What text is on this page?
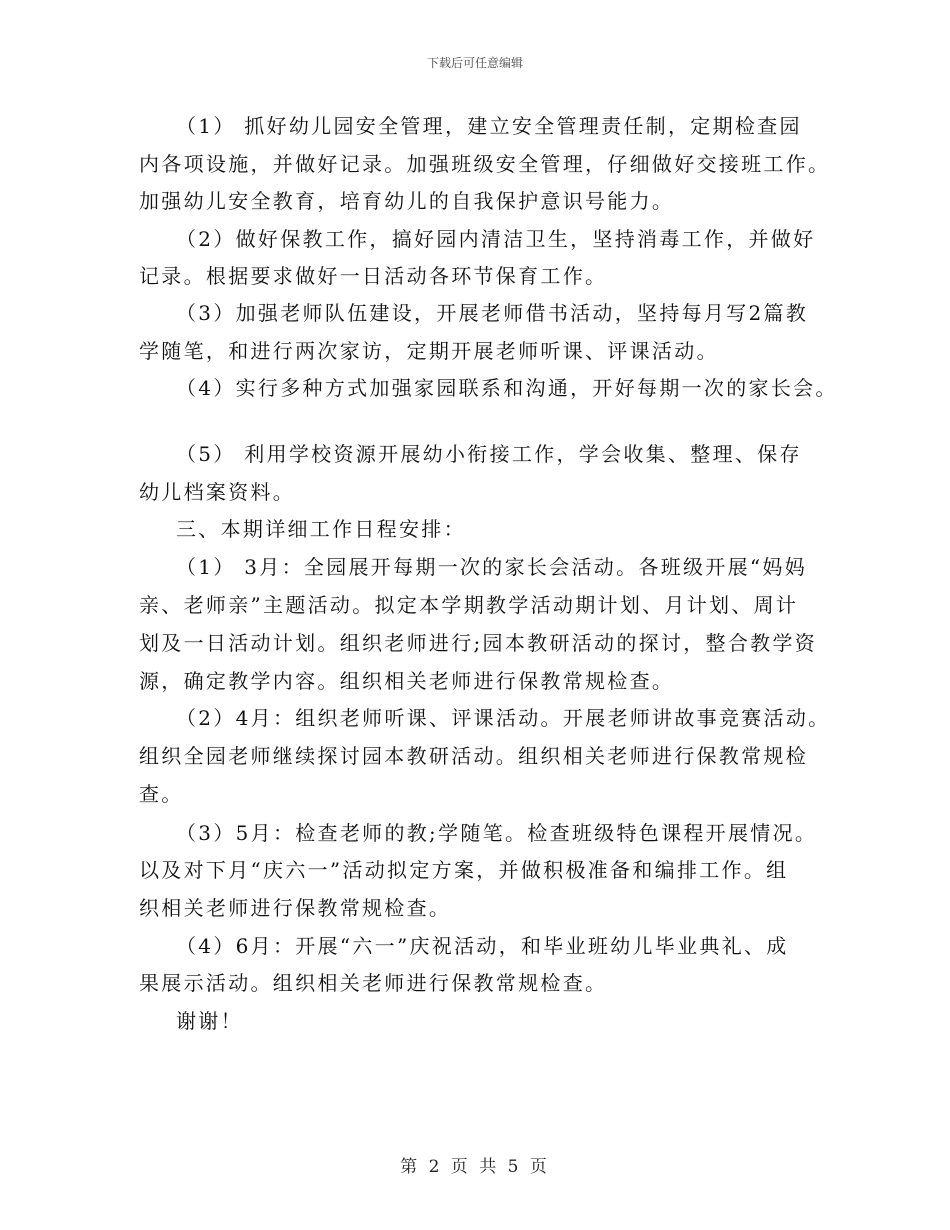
下载后可任意编辑
（1） 抓好幼儿园安全管理，建立安全管理责任制，定期检查园
内各项设施，并做好记录。加强班级安全管理，仔细做好交接班工作。
加强幼儿安全教育，培育幼儿的自我保护意识号能力。
（2）做好保教工作，搞好园内清洁卫生，坚持消毒工作，并做好
记录。根据要求做好一日活动各环节保育工作。
（3）加强老师队伍建设，开展老师借书活动，坚持每月写2篇教
学随笔，和进行两次家访，定期开展老师听课、评课活动。
（4）实行多种方式加强家园联系和沟通，开好每期一次的家长会。
（5） 利用学校资源开展幼小衔接工作，学会收集、整理、保存
幼儿档案资料。
三、本期详细工作日程安排：
（1） 3月：全园展开每期一次的家长会活动。各班级开展“妈妈
亲、老师亲”主题活动。拟定本学期教学活动期计划、月计划、周计
划及一日活动计划。组织老师进行;园本教研活动的探讨，整合教学资
源，确定教学内容。组织相关老师进行保教常规检查。
（2）4月：组织老师听课、评课活动。开展老师讲故事竞赛活动。
组织全园老师继续探讨园本教研活动。组织相关老师进行保教常规检
查。
（3）5月：检查老师的教;学随笔。检查班级特色课程开展情况。
以及对下月“庆六一”活动拟定方案，并做积极准备和编排工作。组
织相关老师进行保教常规检查。
（4）6月：开展“六一”庆祝活动，和毕业班幼儿毕业典礼、成
果展示活动。组织相关老师进行保教常规检查。
谢谢！
第 2 页 共 5 页
